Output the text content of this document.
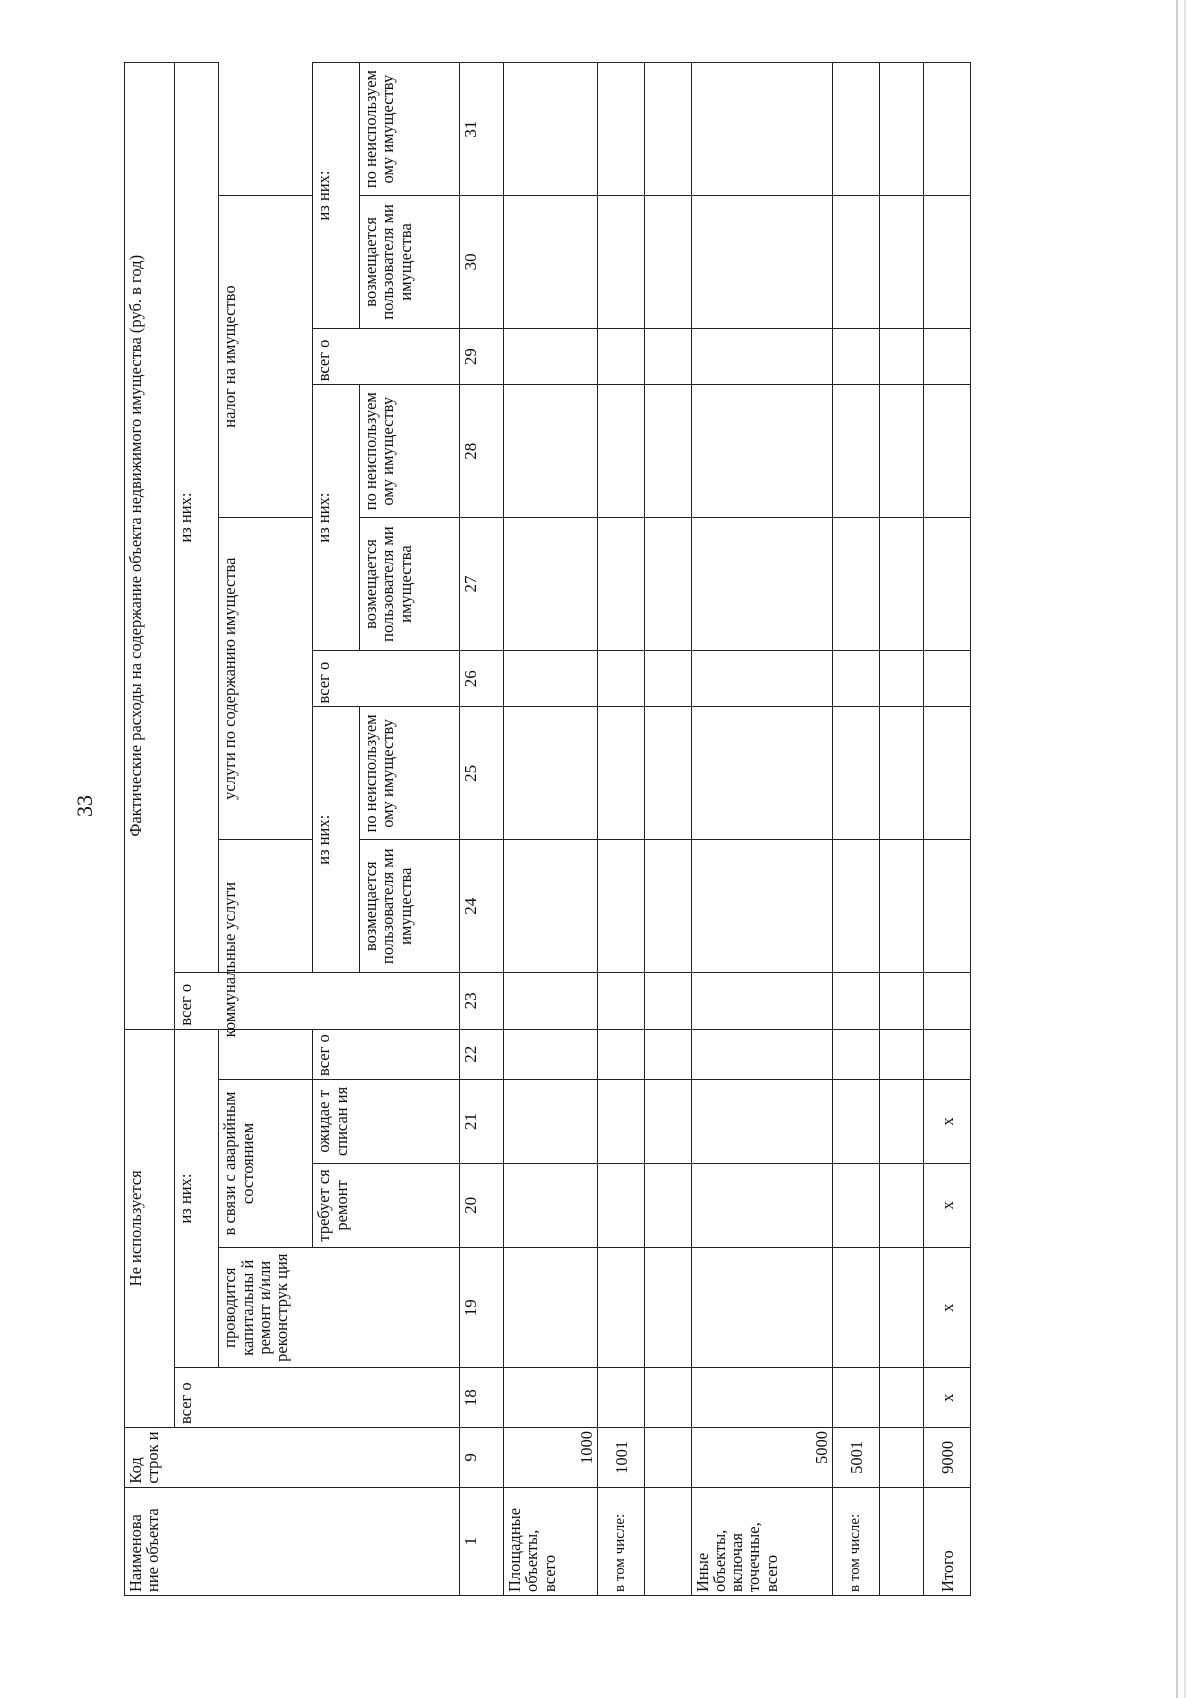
33
Наименова ние объекта	Код строк и	Не используется					Фактические расходы на содержание объекта недвижимого имущества (руб. в год)								
		всег о	из них:				всег о	из них:							
			проводится капитальны й ремонт и/или реконструк ция	в связи с аварийным состоянием		коммунальные услуги			услуги по содержанию имущества			налог на имущество			
				требует ся ремонт	ожидае т списан ия	всег о		из них:		всег о	из них:		всег о	из них:	
								возмещается пользователя ми имущества	по неиспользуем ому имуществу		возмещается пользователя ми имущества	по неиспользуем ому имуществу		возмещается пользователя ми имущества	по неиспользуем ому имуществу
1	9	18	19	20	21	22	23	24	25	26	27	28	29	30	31
Площадные объекты, всего	1000														
в том числе:	1001														

Иные объекты, включая точечные, всего	5000														
в том числе:	5001														

Итого	9000	x	x	x	x										
